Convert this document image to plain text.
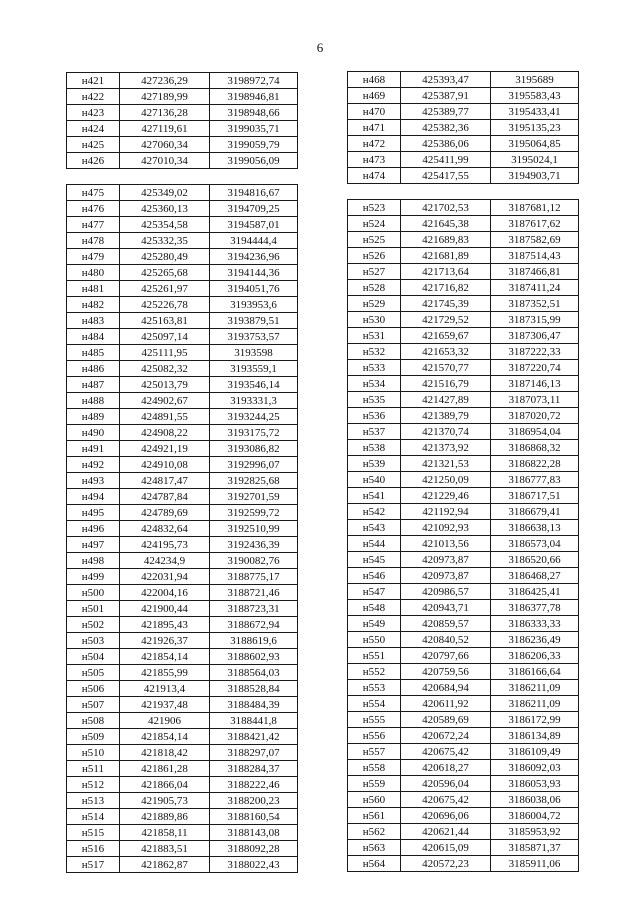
6
н421	427236,29	3198972,74
н422	427189,99	3198946,81
н423	427136,28	3198948,66
н424	427119,61	3199035,71
н425	427060,34	3199059,79
н426	427010,34	3199056,09
н475	425349,02	3194816,67
н476	425360,13	3194709,25
н477	425354,58	3194587,01
н478	425332,35	3194444,4
н479	425280,49	3194236,96
н480	425265,68	3194144,36
н481	425261,97	3194051,76
н482	425226,78	3193953,6
н483	425163,81	3193879,51
н484	425097,14	3193753,57
н485	425111,95	3193598
н486	425082,32	3193559,1
н487	425013,79	3193546,14
н488	424902,67	3193331,3
н489	424891,55	3193244,25
н490	424908,22	3193175,72
н491	424921,19	3193086,82
н492	424910,08	3192996,07
н493	424817,47	3192825,68
н494	424787,84	3192701,59
н495	424789,69	3192599,72
н496	424832,64	3192510,99
н497	424195,73	3192436,39
н498	424234,9	3190082,76
н499	422031,94	3188775,17
н500	422004,16	3188721,46
н501	421900,44	3188723,31
н502	421895,43	3188672,94
н503	421926,37	3188619,6
н504	421854,14	3188602,93
н505	421855,99	3188564,03
н506	421913,4	3188528,84
н507	421937,48	3188484,39
н508	421906	3188441,8
н509	421854,14	3188421,42
н510	421818,42	3188297,07
н511	421861,28	3188284,37
н512	421866,04	3188222,46
н513	421905,73	3188200,23
н514	421889,86	3188160,54
н515	421858,11	3188143,08
н516	421883,51	3188092,28
н517	421862,87	3188022,43
н468	425393,47	3195689
н469	425387,91	3195583,43
н470	425389,77	3195433,41
н471	425382,36	3195135,23
н472	425386,06	3195064,85
н473	425411,99	3195024,1
н474	425417,55	3194903,71
н523	421702,53	3187681,12
н524	421645,38	3187617,62
н525	421689,83	3187582,69
н526	421681,89	3187514,43
н527	421713,64	3187466,81
н528	421716,82	3187411,24
н529	421745,39	3187352,51
н530	421729,52	3187315,99
н531	421659,67	3187306,47
н532	421653,32	3187222,33
н533	421570,77	3187220,74
н534	421516,79	3187146,13
н535	421427,89	3187073,11
н536	421389,79	3187020,72
н537	421370,74	3186954,04
н538	421373,92	3186868,32
н539	421321,53	3186822,28
н540	421250,09	3186777,83
н541	421229,46	3186717,51
н542	421192,94	3186679,41
н543	421092,93	3186638,13
н544	421013,56	3186573,04
н545	420973,87	3186520,66
н546	420973,87	3186468,27
н547	420986,57	3186425,41
н548	420943,71	3186377,78
н549	420859,57	3186333,33
н550	420840,52	3186236,49
н551	420797,66	3186206,33
н552	420759,56	3186166,64
н553	420684,94	3186211,09
н554	420611,92	3186211,09
н555	420589,69	3186172,99
н556	420672,24	3186134,89
н557	420675,42	3186109,49
н558	420618,27	3186092,03
н559	420596,04	3186053,93
н560	420675,42	3186038,06
н561	420696,06	3186004,72
н562	420621,44	3185953,92
н563	420615,09	3185871,37
н564	420572,23	3185911,06
